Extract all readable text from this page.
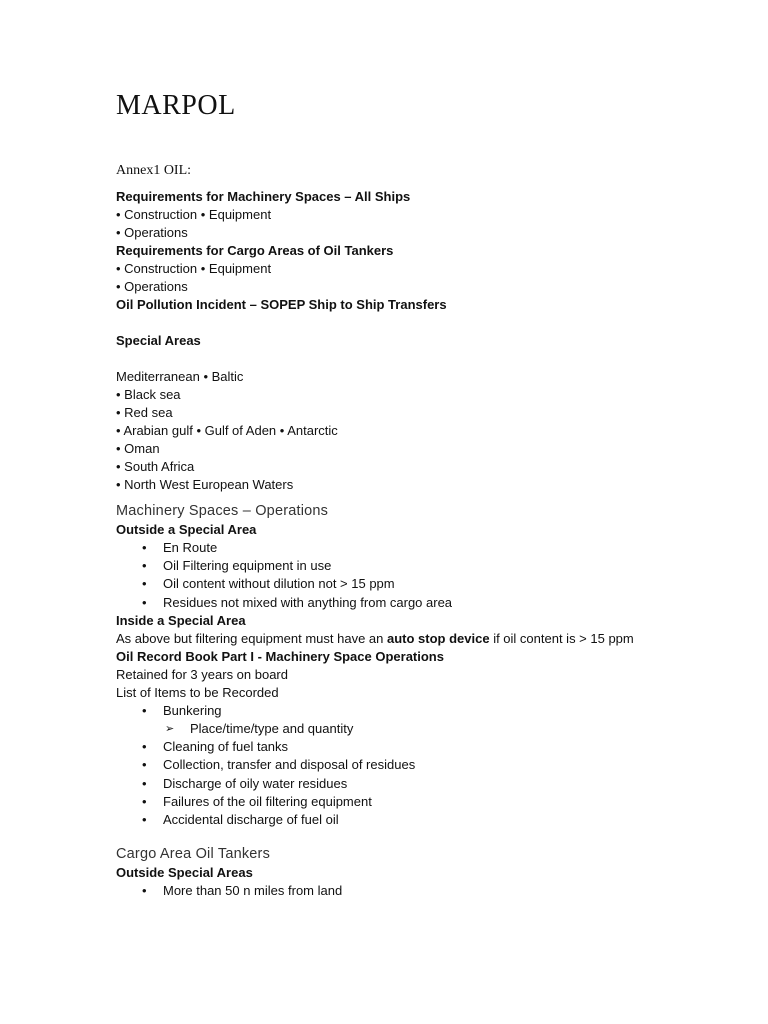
MARPOL
Annex1 OIL:
Requirements for Machinery Spaces – All Ships
• Construction • Equipment
• Operations
Requirements for Cargo Areas of Oil Tankers
• Construction • Equipment
• Operations
Oil Pollution Incident – SOPEP Ship to Ship Transfers
Special Areas
Mediterranean • Baltic
• Black sea
• Red sea
• Arabian gulf • Gulf of Aden • Antarctic
• Oman
• South Africa
• North West European Waters
Machinery Spaces – Operations
Outside a Special Area
• En Route
• Oil Filtering equipment in use
• Oil content without dilution not > 15 ppm
• Residues not mixed with anything from cargo area
Inside a Special Area
As above but filtering equipment must have an auto stop device if oil content is > 15 ppm
Oil Record Book Part I - Machinery Space Operations
Retained for 3 years on board
List of Items to be Recorded
• Bunkering
➢ Place/time/type and quantity
• Cleaning of fuel tanks
• Collection, transfer and disposal of residues
• Discharge of oily water residues
• Failures of the oil filtering equipment
• Accidental discharge of fuel oil
Cargo Area Oil Tankers
Outside Special Areas
• More than 50 n miles from land
